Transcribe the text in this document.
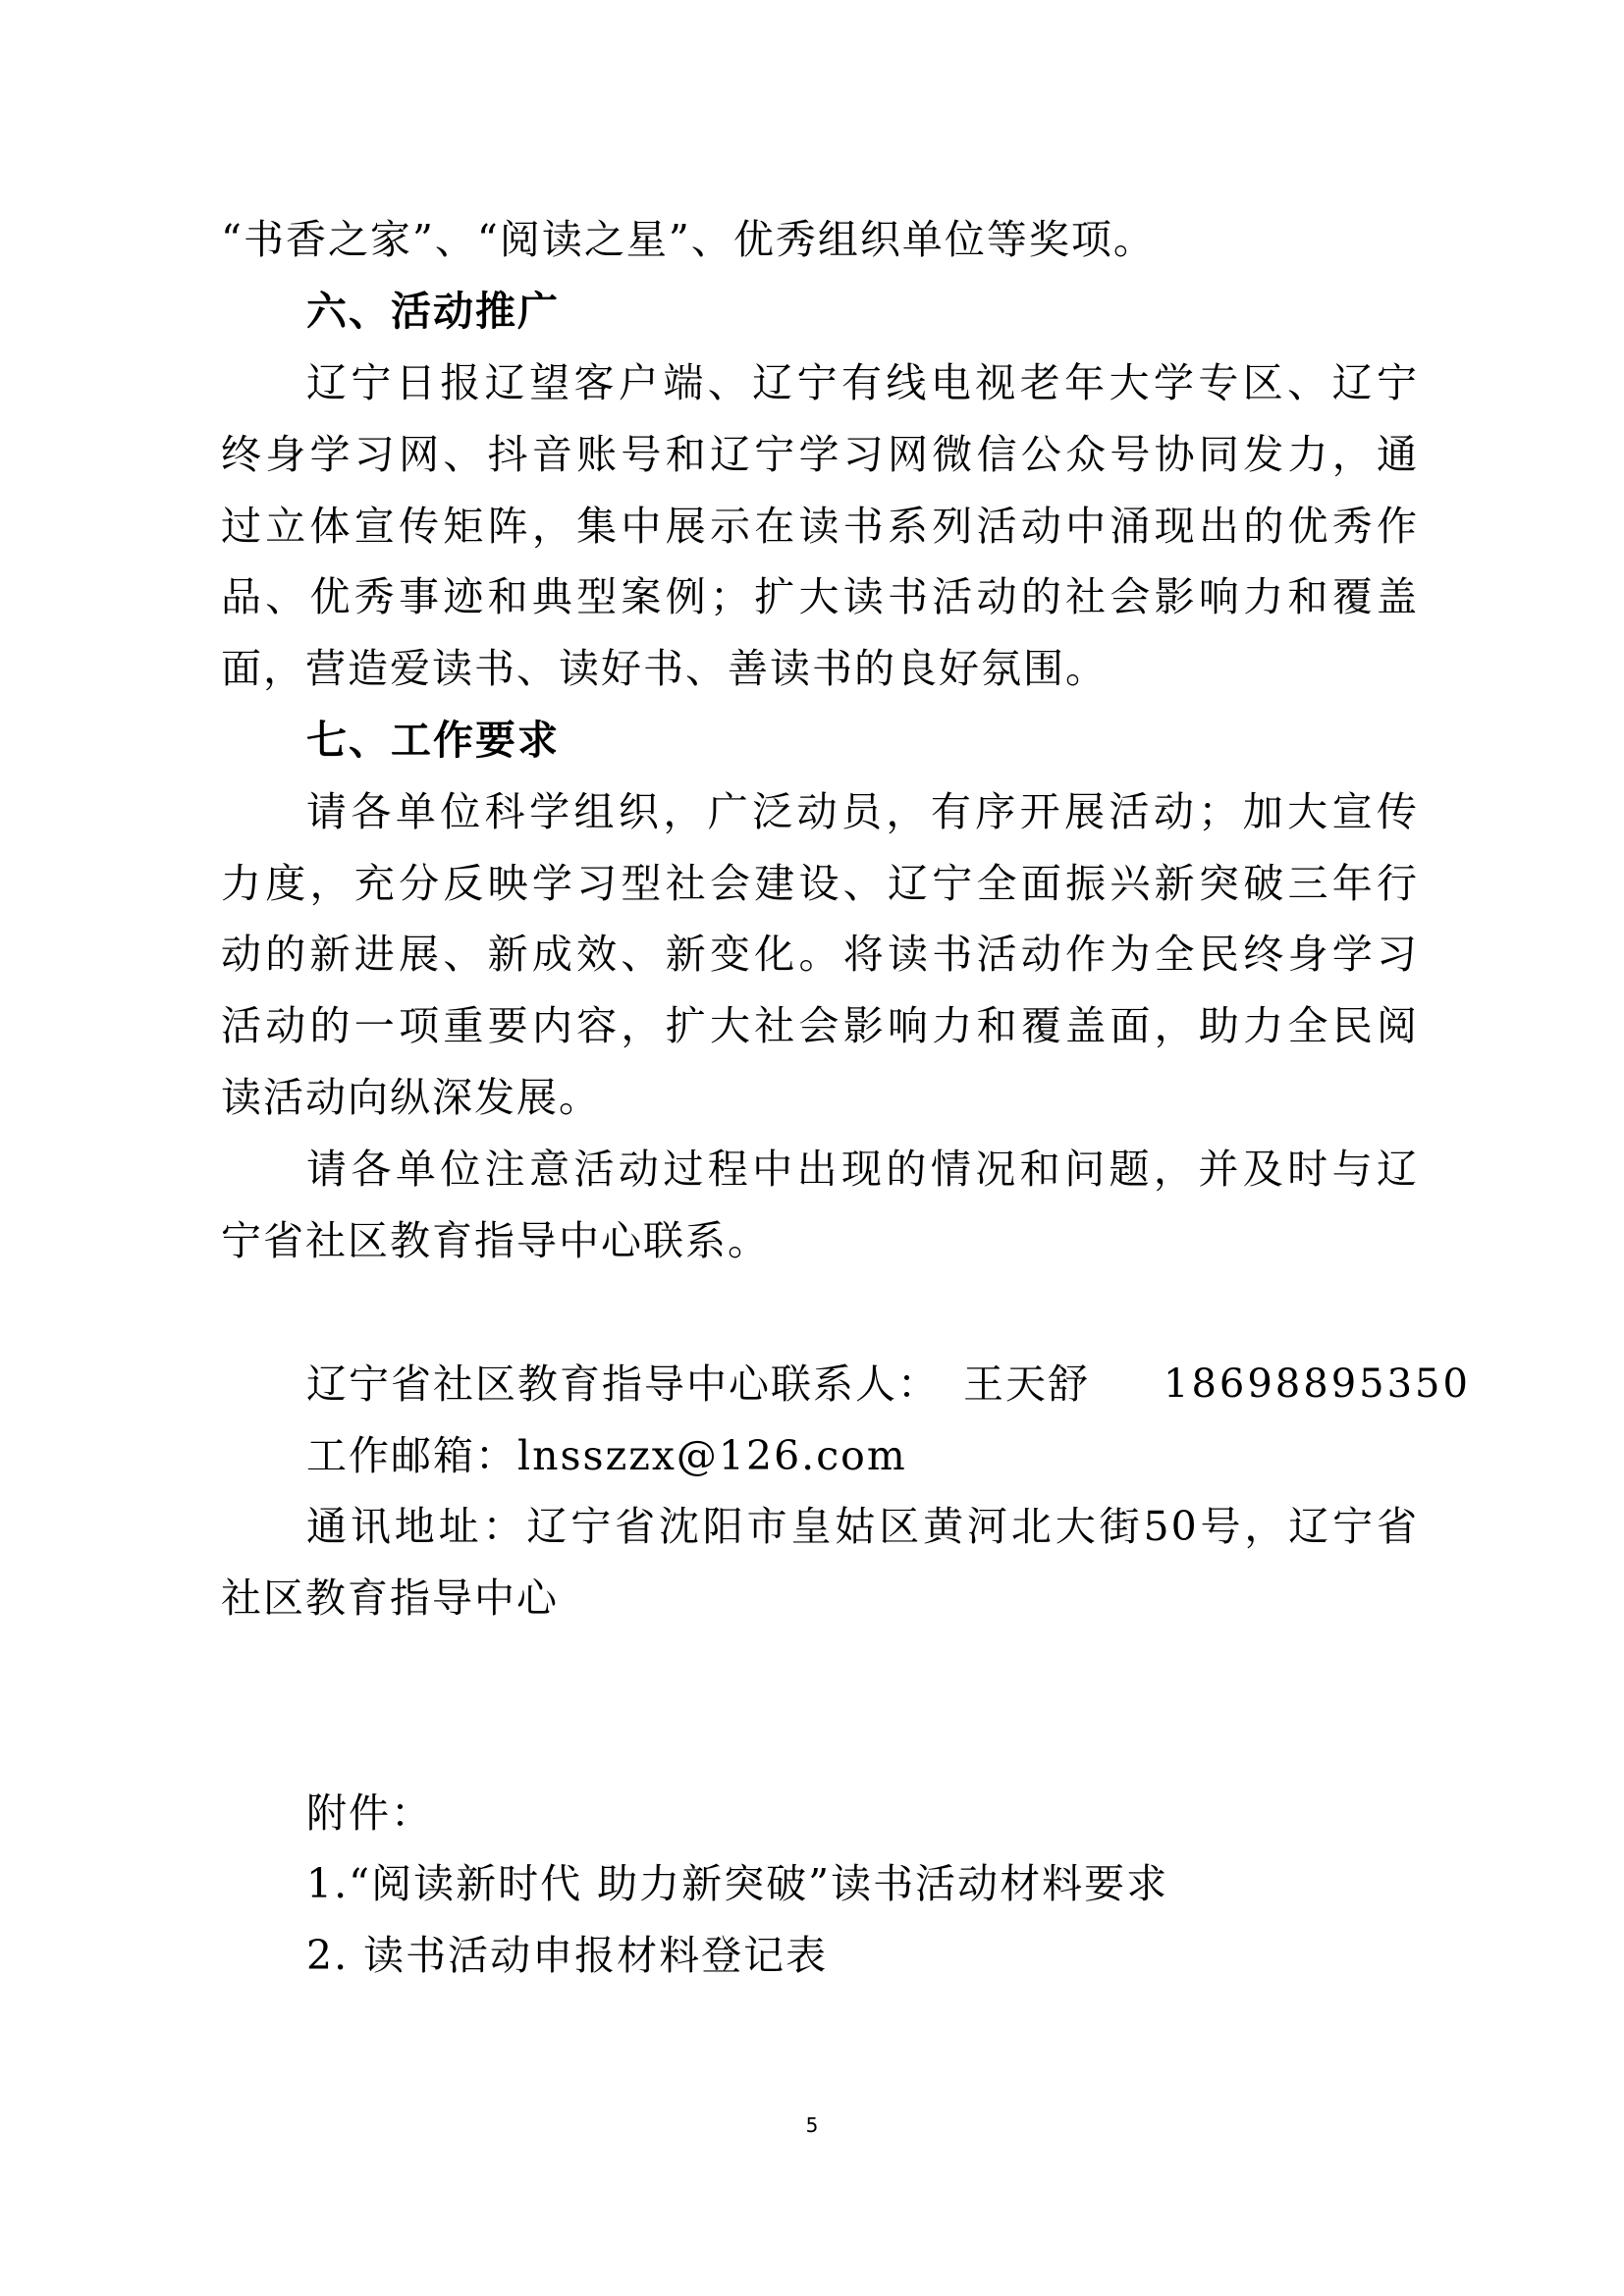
“书香之家”、“阅读之星”、优秀组织单位等奖项。
六、活动推广
辽宁日报辽望客户端、辽宁有线电视老年大学专区、辽宁
终身学习网、抖音账号和辽宁学习网微信公众号协同发力，通
过立体宣传矩阵，集中展示在读书系列活动中涌现出的优秀作
品、优秀事迹和典型案例；扩大读书活动的社会影响力和覆盖
面，营造爱读书、读好书、善读书的良好氛围。
七、工作要求
请各单位科学组织，广泛动员，有序开展活动；加大宣传
力度，充分反映学习型社会建设、辽宁全面振兴新突破三年行
动的新进展、新成效、新变化。将读书活动作为全民终身学习
活动的一项重要内容，扩大社会影响力和覆盖面，助力全民阅
读活动向纵深发展。
请各单位注意活动过程中出现的情况和问题，并及时与辽
宁省社区教育指导中心联系。
辽宁省社区教育指导中心联系人： 王天舒 18698895350
工作邮箱：lnsszzx@126.com
通讯地址：辽宁省沈阳市皇姑区黄河北大街50号，辽宁省
社区教育指导中心
附件：
1.“阅读新时代 助力新突破”读书活动材料要求
2. 读书活动申报材料登记表
5
